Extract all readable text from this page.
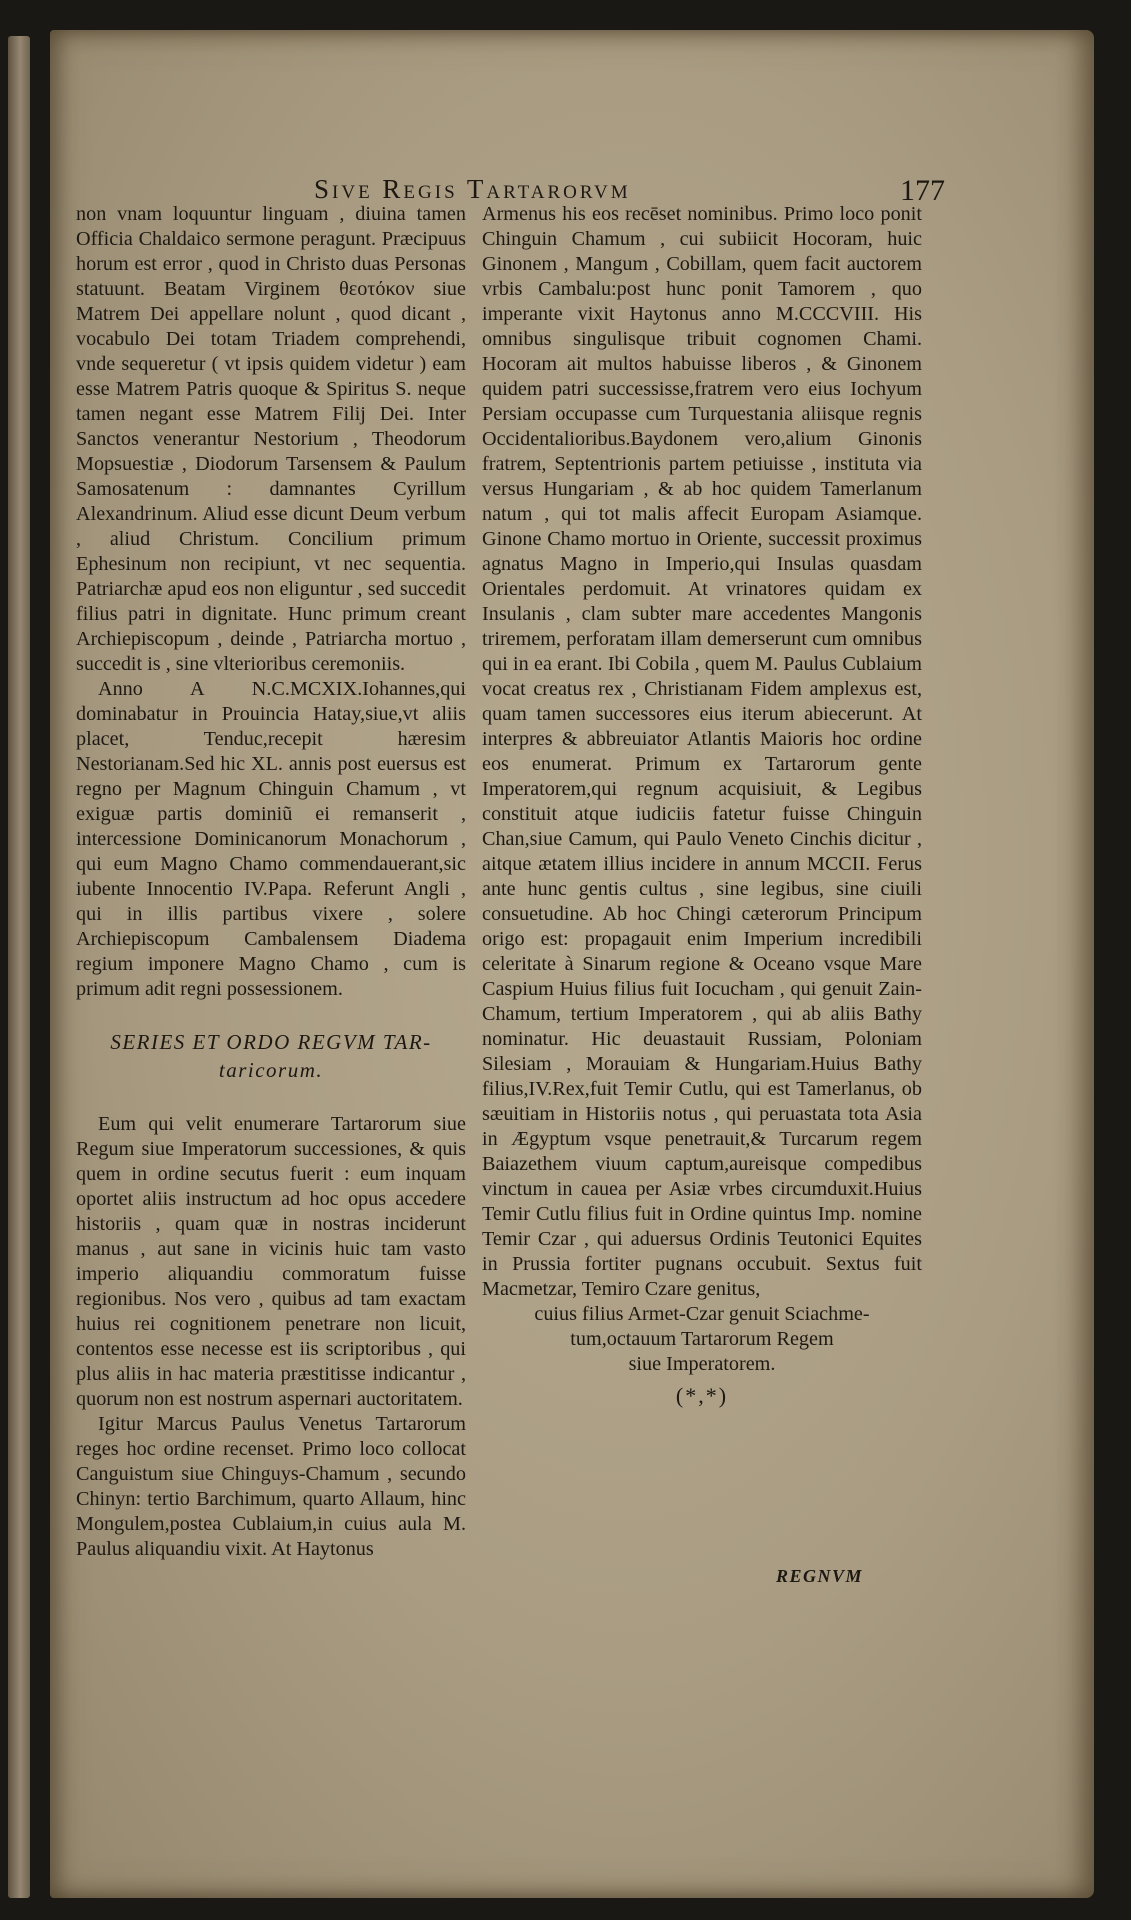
Sive Regis Tartarorvm	177

non vnam loquuntur linguam , diuina tamen Officia Chaldaico sermone peragunt. Præcipuus horum est error , quod in Christo duas Personas statuunt. Beatam Virginem θεοτόκον siue Matrem Dei appellare nolunt , quod dicant , vocabulo Dei totam Triadem comprehendi, vnde sequeretur ( vt ipsis quidem videtur ) eam esse Matrem Patris quoque & Spiritus S. neque tamen negant esse Matrem Filij Dei. Inter Sanctos venerantur Nestorium , Theodorum Mopsuestiæ , Diodorum Tarsensem & Paulum Samosatenum : damnantes Cyrillum Alexandrinum. Aliud esse dicunt Deum verbum , aliud Christum. Concilium primum Ephesinum non recipiunt, vt nec sequentia. Patriarchæ apud eos non eliguntur , sed succedit filius patri in dignitate. Hunc primum creant Archiepiscopum , deinde , Patriarcha mortuo , succedit is , sine vlterioribus ceremoniis.

Anno A N.C.MCXIX.Iohannes,qui dominabatur in Prouincia Hatay,siue,vt aliis placet, Tenduc,recepit hæresim Nestorianam.Sed hic XL. annis post euersus est regno per Magnum Chinguin Chamum , vt exiguæ partis dominiũ ei remanserit , intercessione Dominicanorum Monachorum , qui eum Magno Chamo commendauerant,sic iubente Innocentio IV.Papa. Referunt Angli , qui in illis partibus vixere , solere Archiepiscopum Cambalensem Diadema regium imponere Magno Chamo , cum is primum adit regni possessionem.

SERIES ET ORDO REGVM TAR-
taricorum.

Eum qui velit enumerare Tartarorum siue Regum siue Imperatorum successiones, & quis quem in ordine secutus fuerit : eum inquam oportet aliis instructum ad hoc opus accedere historiis , quam quæ in nostras inciderunt manus , aut sane in vicinis huic tam vasto imperio aliquandiu commoratum fuisse regionibus. Nos vero , quibus ad tam exactam huius rei cognitionem penetrare non licuit, contentos esse necesse est iis scriptoribus , qui plus aliis in hac materia præstitisse indicantur , quorum non est nostrum aspernari auctoritatem.

Igitur Marcus Paulus Venetus Tartarorum reges hoc ordine recenset. Primo loco collocat Canguistum siue Chinguys-Chamum , secundo Chinyn: tertio Barchimum, quarto Allaum, hinc Mongulem,postea Cublaium,in cuius aula M. Paulus aliquandiu vixit. At Haytonus

Armenus his eos recēset nominibus. Primo loco ponit Chinguin Chamum , cui subiicit Hocoram, huic Ginonem , Mangum , Cobillam, quem facit auctorem vrbis Cambalu:post hunc ponit Tamorem , quo imperante vixit Haytonus anno M.CCCVIII. His omnibus singulisque tribuit cognomen Chami. Hocoram ait multos habuisse liberos , & Ginonem quidem patri successisse,fratrem vero eius Iochyum Persiam occupasse cum Turquestania aliisque regnis Occidentalioribus.Baydonem vero,alium Ginonis fratrem, Septentrionis partem petiuisse , instituta via versus Hungariam , & ab hoc quidem Tamerlanum natum , qui tot malis affecit Europam Asiamque. Ginone Chamo mortuo in Oriente, successit proximus agnatus Magno in Imperio,qui Insulas quasdam Orientales perdomuit. At vrinatores quidam ex Insulanis , clam subter mare accedentes Mangonis triremem, perforatam illam demerserunt cum omnibus qui in ea erant. Ibi Cobila , quem M. Paulus Cublaium vocat creatus rex , Christianam Fidem amplexus est, quam tamen successores eius iterum abiecerunt. At interpres & abbreuiator Atlantis Maioris hoc ordine eos enumerat. Primum ex Tartarorum gente Imperatorem,qui regnum acquisiuit, & Legibus constituit atque iudiciis fatetur fuisse Chinguin Chan,siue Camum, qui Paulo Veneto Cinchis dicitur , aitque ætatem illius incidere in annum MCCII. Ferus ante hunc gentis cultus , sine legibus, sine ciuili consuetudine. Ab hoc Chingi cæterorum Principum origo est: propagauit enim Imperium incredibili celeritate à Sinarum regione & Oceano vsque Mare Caspium Huius filius fuit Iocucham , qui genuit Zain-Chamum, tertium Imperatorem , qui ab aliis Bathy nominatur. Hic deuastauit Russiam, Poloniam Silesiam , Morauiam & Hungariam.Huius Bathy filius,IV.Rex,fuit Temir Cutlu, qui est Tamerlanus, ob sæuitiam in Historiis notus , qui peruastata tota Asia in Ægyptum vsque penetrauit,& Turcarum regem Baiazethem viuum captum,aureisque compedibus vinctum in cauea per Asiæ vrbes circumduxit.Huius Temir Cutlu filius fuit in Ordine quintus Imp. nomine Temir Czar , qui aduersus Ordinis Teutonici Equites in Prussia fortiter pugnans occubuit. Sextus fuit Macmetzar, Temiro Czare genitus,

cuius filius Armet-Czar genuit Sciachme-

tum,octauum Tartarorum Regem

siue Imperatorem.

(*,*)
REGNVM
